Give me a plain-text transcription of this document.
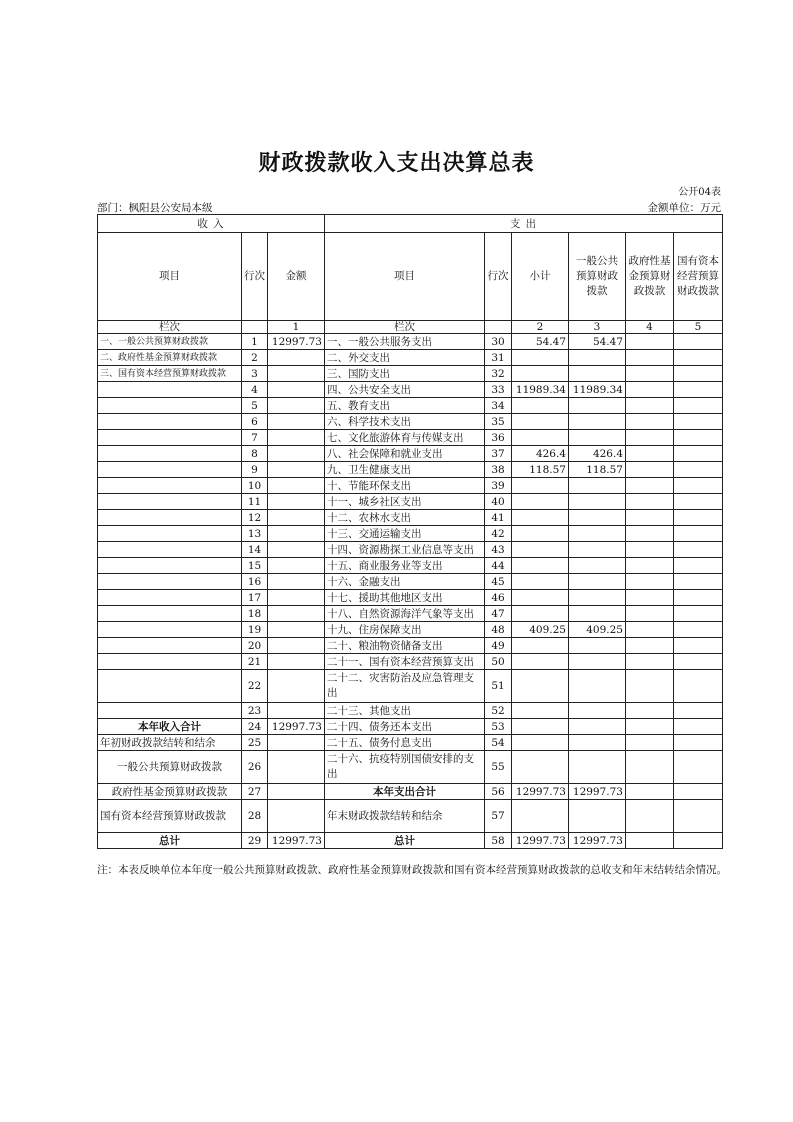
财政拨款收入支出决算总表
公开04表
部门：枫阳县公安局本级	金额单位：万元
收 入			支 出					
项目	行次	金额	项目	行次	小计	一般公共预算财政拨款	政府性基金预算财政拨款	国有资本经营预算财政拨款
栏次		1	栏次		2	3	4	5
一、一般公共预算财政拨款	1	12997.73	一、一般公共服务支出	30	54.47	54.47		
二、政府性基金预算财政拨款	2		二、外交支出	31				
三、国有资本经营预算财政拨款	3		三、国防支出	32				
	4		四、公共安全支出	33	11989.34	11989.34		
	5		五、教育支出	34				
	6		六、科学技术支出	35				
	7		七、文化旅游体育与传媒支出	36				
	8		八、社会保障和就业支出	37	426.4	426.4		
	9		九、卫生健康支出	38	118.57	118.57		
	10		十、节能环保支出	39				
	11		十一、城乡社区支出	40				
	12		十二、农林水支出	41				
	13		十三、交通运输支出	42				
	14		十四、资源勘探工业信息等支出	43				
	15		十五、商业服务业等支出	44				
	16		十六、金融支出	45				
	17		十七、援助其他地区支出	46				
	18		十八、自然资源海洋气象等支出	47				
	19		十九、住房保障支出	48	409.25	409.25		
	20		二十、粮油物资储备支出	49				
	21		二十一、国有资本经营预算支出	50				
	22		二十二、灾害防治及应急管理支出	51				
	23		二十三、其他支出	52				
本年收入合计	24	12997.73	二十四、债务还本支出	53				
年初财政拨款结转和结余	25		二十五、债务付息支出	54				
一般公共预算财政拨款	26		二十六、抗疫特别国债安排的支出	55				
政府性基金预算财政拨款	27		本年支出合计	56	12997.73	12997.73		
国有资本经营预算财政拨款	28		年末财政拨款结转和结余	57				
总计	29	12997.73	总计	58	12997.73	12997.73		
注：本表反映单位本年度一般公共预算财政拨款、政府性基金预算财政拨款和国有资本经营预算财政拨款的总收支和年末结转结余情况。
